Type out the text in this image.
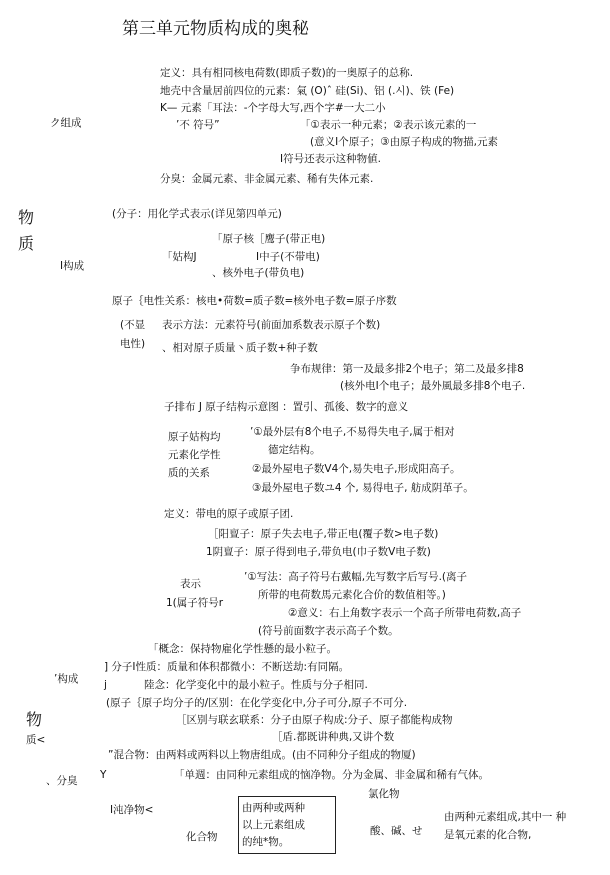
第三单元物质构成的奥秘
物
质
ク组成
I构成
’构成
物
质<
、分臭
定义：具有相同核电荷数(即质子数)的一奥原子的总称.
地壳中含量居前四位的元素：氣 (O)ˆ 硅(Si)、铝 (.시)、铁 (Fe)
K— 元素「耳法：-个字母大写,西个字#一大二小
’不 符号”	「①表示一种元素；②表示该元素的一
(意义I个原子；③由原子构成的物描,元素
I符号还表示这种物値.
分臭：金属元素、非金属元素、稀有失体元素.
(分子：用化学式表示(详见第四单元)
「原子核［鹰子(带正电)
「姑构J	I中子(不带电)
、核外电子(带负电)
原子｛电性关系：核电•荷数=质子数=核外电子数=原子序数
(不显 表示方法：元素符号(前面加系数表示原子个数)
电性) 、相对原子质量丶质子数+种子数
争布规律：第一及最多排2个电子；第二及最多排8
(核外电I个电子；最外風最多排8个电子.
子排布 J 原子结构示意图 ：置引、孤後、数字的意义
原子姑构均
元素化学性
质的关系
’①最外层有8个电子,不易得失电子,属于相对
德定结构。
②最外屋电子数V4个,易失电子,形成阳高子。
③最外屋电子数ユ4 个, 易得电子, 舫成阴革子。
定义：带电的原子或原子团.
［阳亶子：原子失去电子,带正电(覆子数>电子数)
1阴亶子：原子得到电子,带负电(巾子数V电子数)
表示
1(属子符号r
’①写法：高子符号右戴幅,先写数字后写号.(离子
所带的电荷数馬元素化合价的数值相等。)
②意义：右上角数字表示一个高子所带电荷数,高子
(符号前面数字表示高子个数。
「概念：保持物雇化学性懸的最小粒子。
] 分子I性质：质量和体积都微小：不断送劫:有同隔。
j	陸念：化学变化中的最小粒子。性质与分子相同.
(原子｛原子均分子的/区别：在化学变化中,分子可分,原子不可分.
［区别与联玄联系：分子由原子构成:分子、原子都能构成物
［盾.都既讲种典,又讲个数
”混合物：由两料或两料以上物唐组成。(由不同种分子组成的物厦)
Y	「单週：由同种元素组成的恼净物。分为金属、非金属和稀有气体。
氯化物
I沌净物<
化合物
由两种或两种
以上元素组成
的纯*物。
酸、碱、せ
由两种元素组成,其中一 种
是氧元素的化合物,
